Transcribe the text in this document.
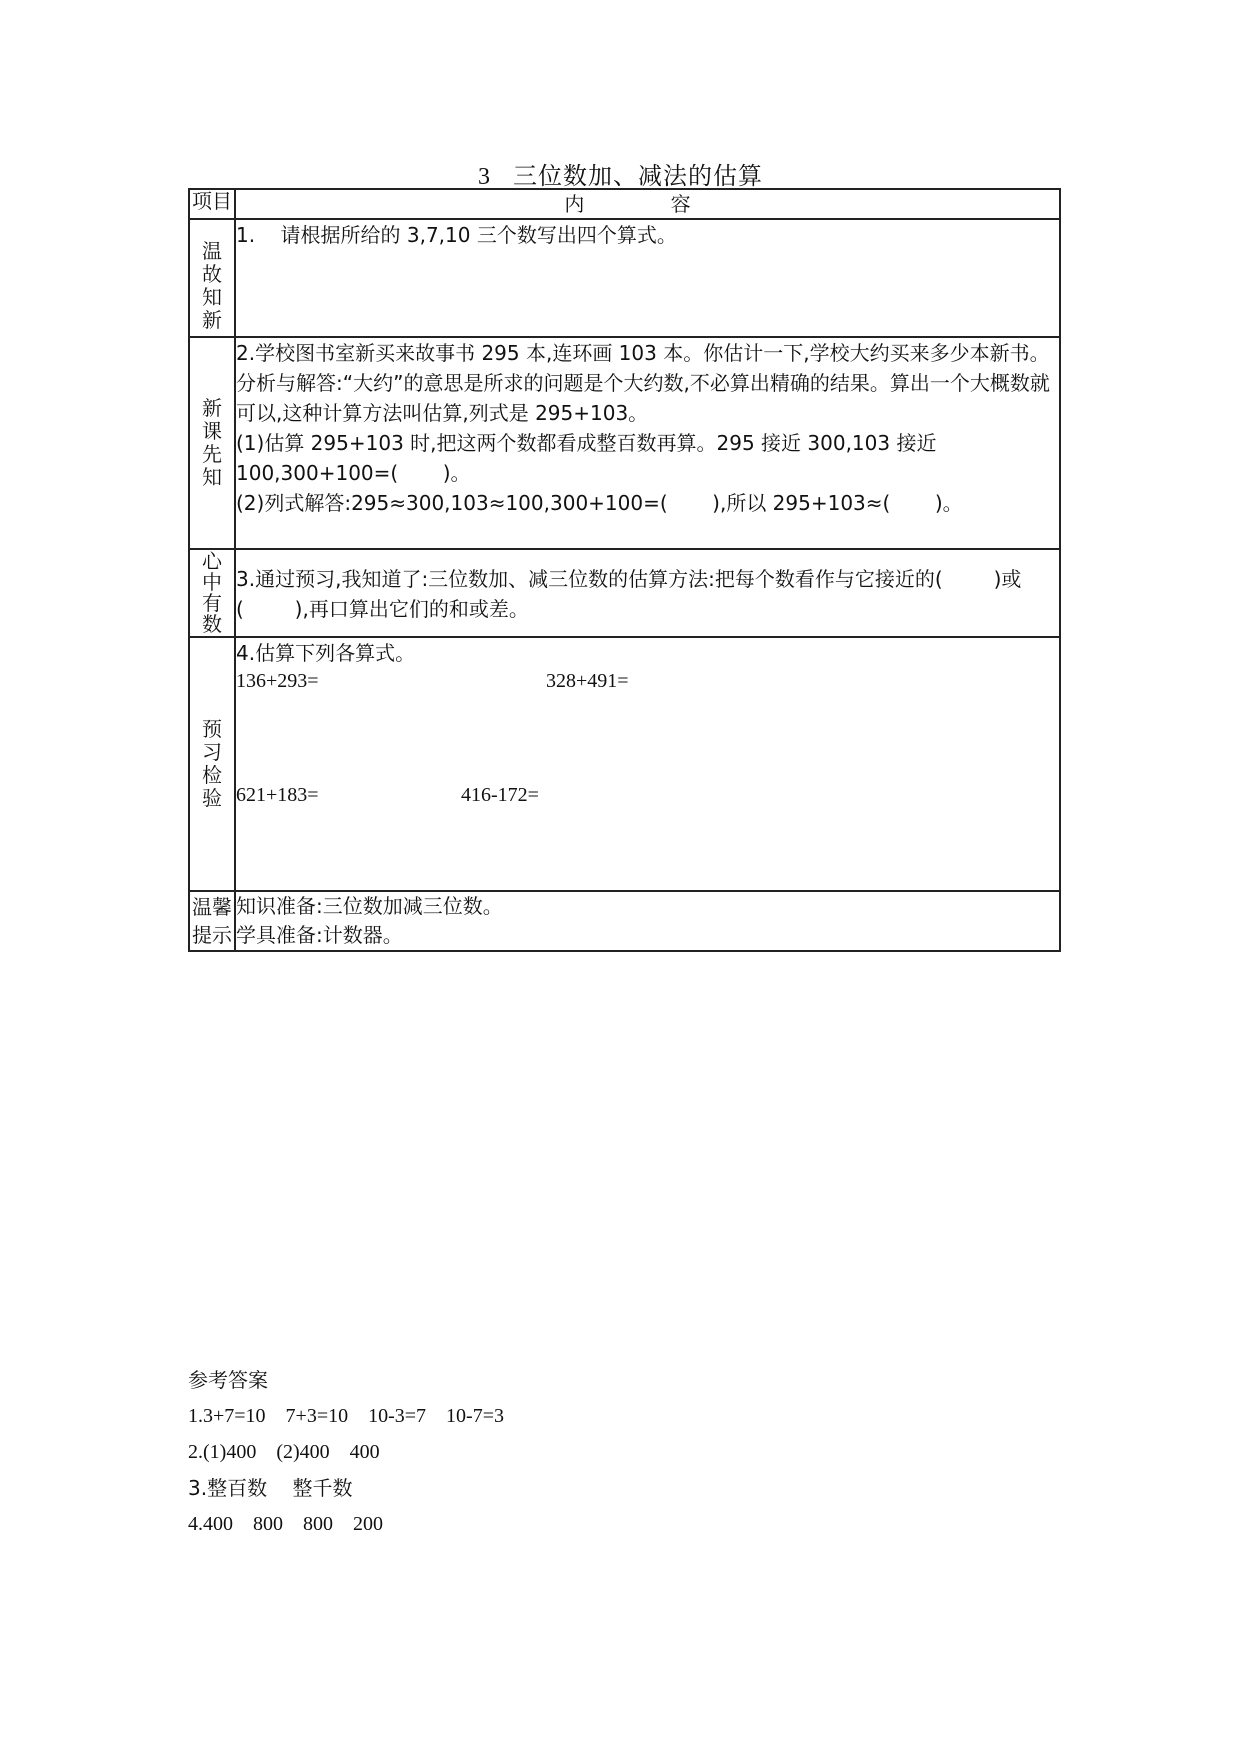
3 三位数加、减法的估算
项目	内 容
温故知新	1.    请根据所给的 3,7,10 三个数写出四个算式。

新课先知	2.学校图书室新买来故事书 295 本,连环画 103 本。你估计一下,学校大约买来多少本新书。
分析与解答:“大约”的意思是所求的问题是个大约数,不必算出精确的结果。算出一个大概数就可以,这种计算方法叫估算,列式是 295+103。
(1)估算 295+103 时,把这两个数都看成整百数再算。295 接近 300,103 接近 100,300+100=(       )。
(2)列式解答:295≈300,103≈100,300+100=(       ),所以 295+103≈(       )。

心中有数	3.通过预习,我知道了:三位数加、减三位数的估算方法:把每个数看作与它接近的(        )或(        ),再口算出它们的和或差。

预习检验	4.估算下列各算式。
136+293= 328+491=
621+183= 416-172=

温馨提示	知识准备:三位数加减三位数。
学具准备:计数器。
参考答案
1.3+7=10    7+3=10    10-3=7    10-7=3
2.(1)400    (2)400    400
3.整百数    整千数
4.400    800    800    200
